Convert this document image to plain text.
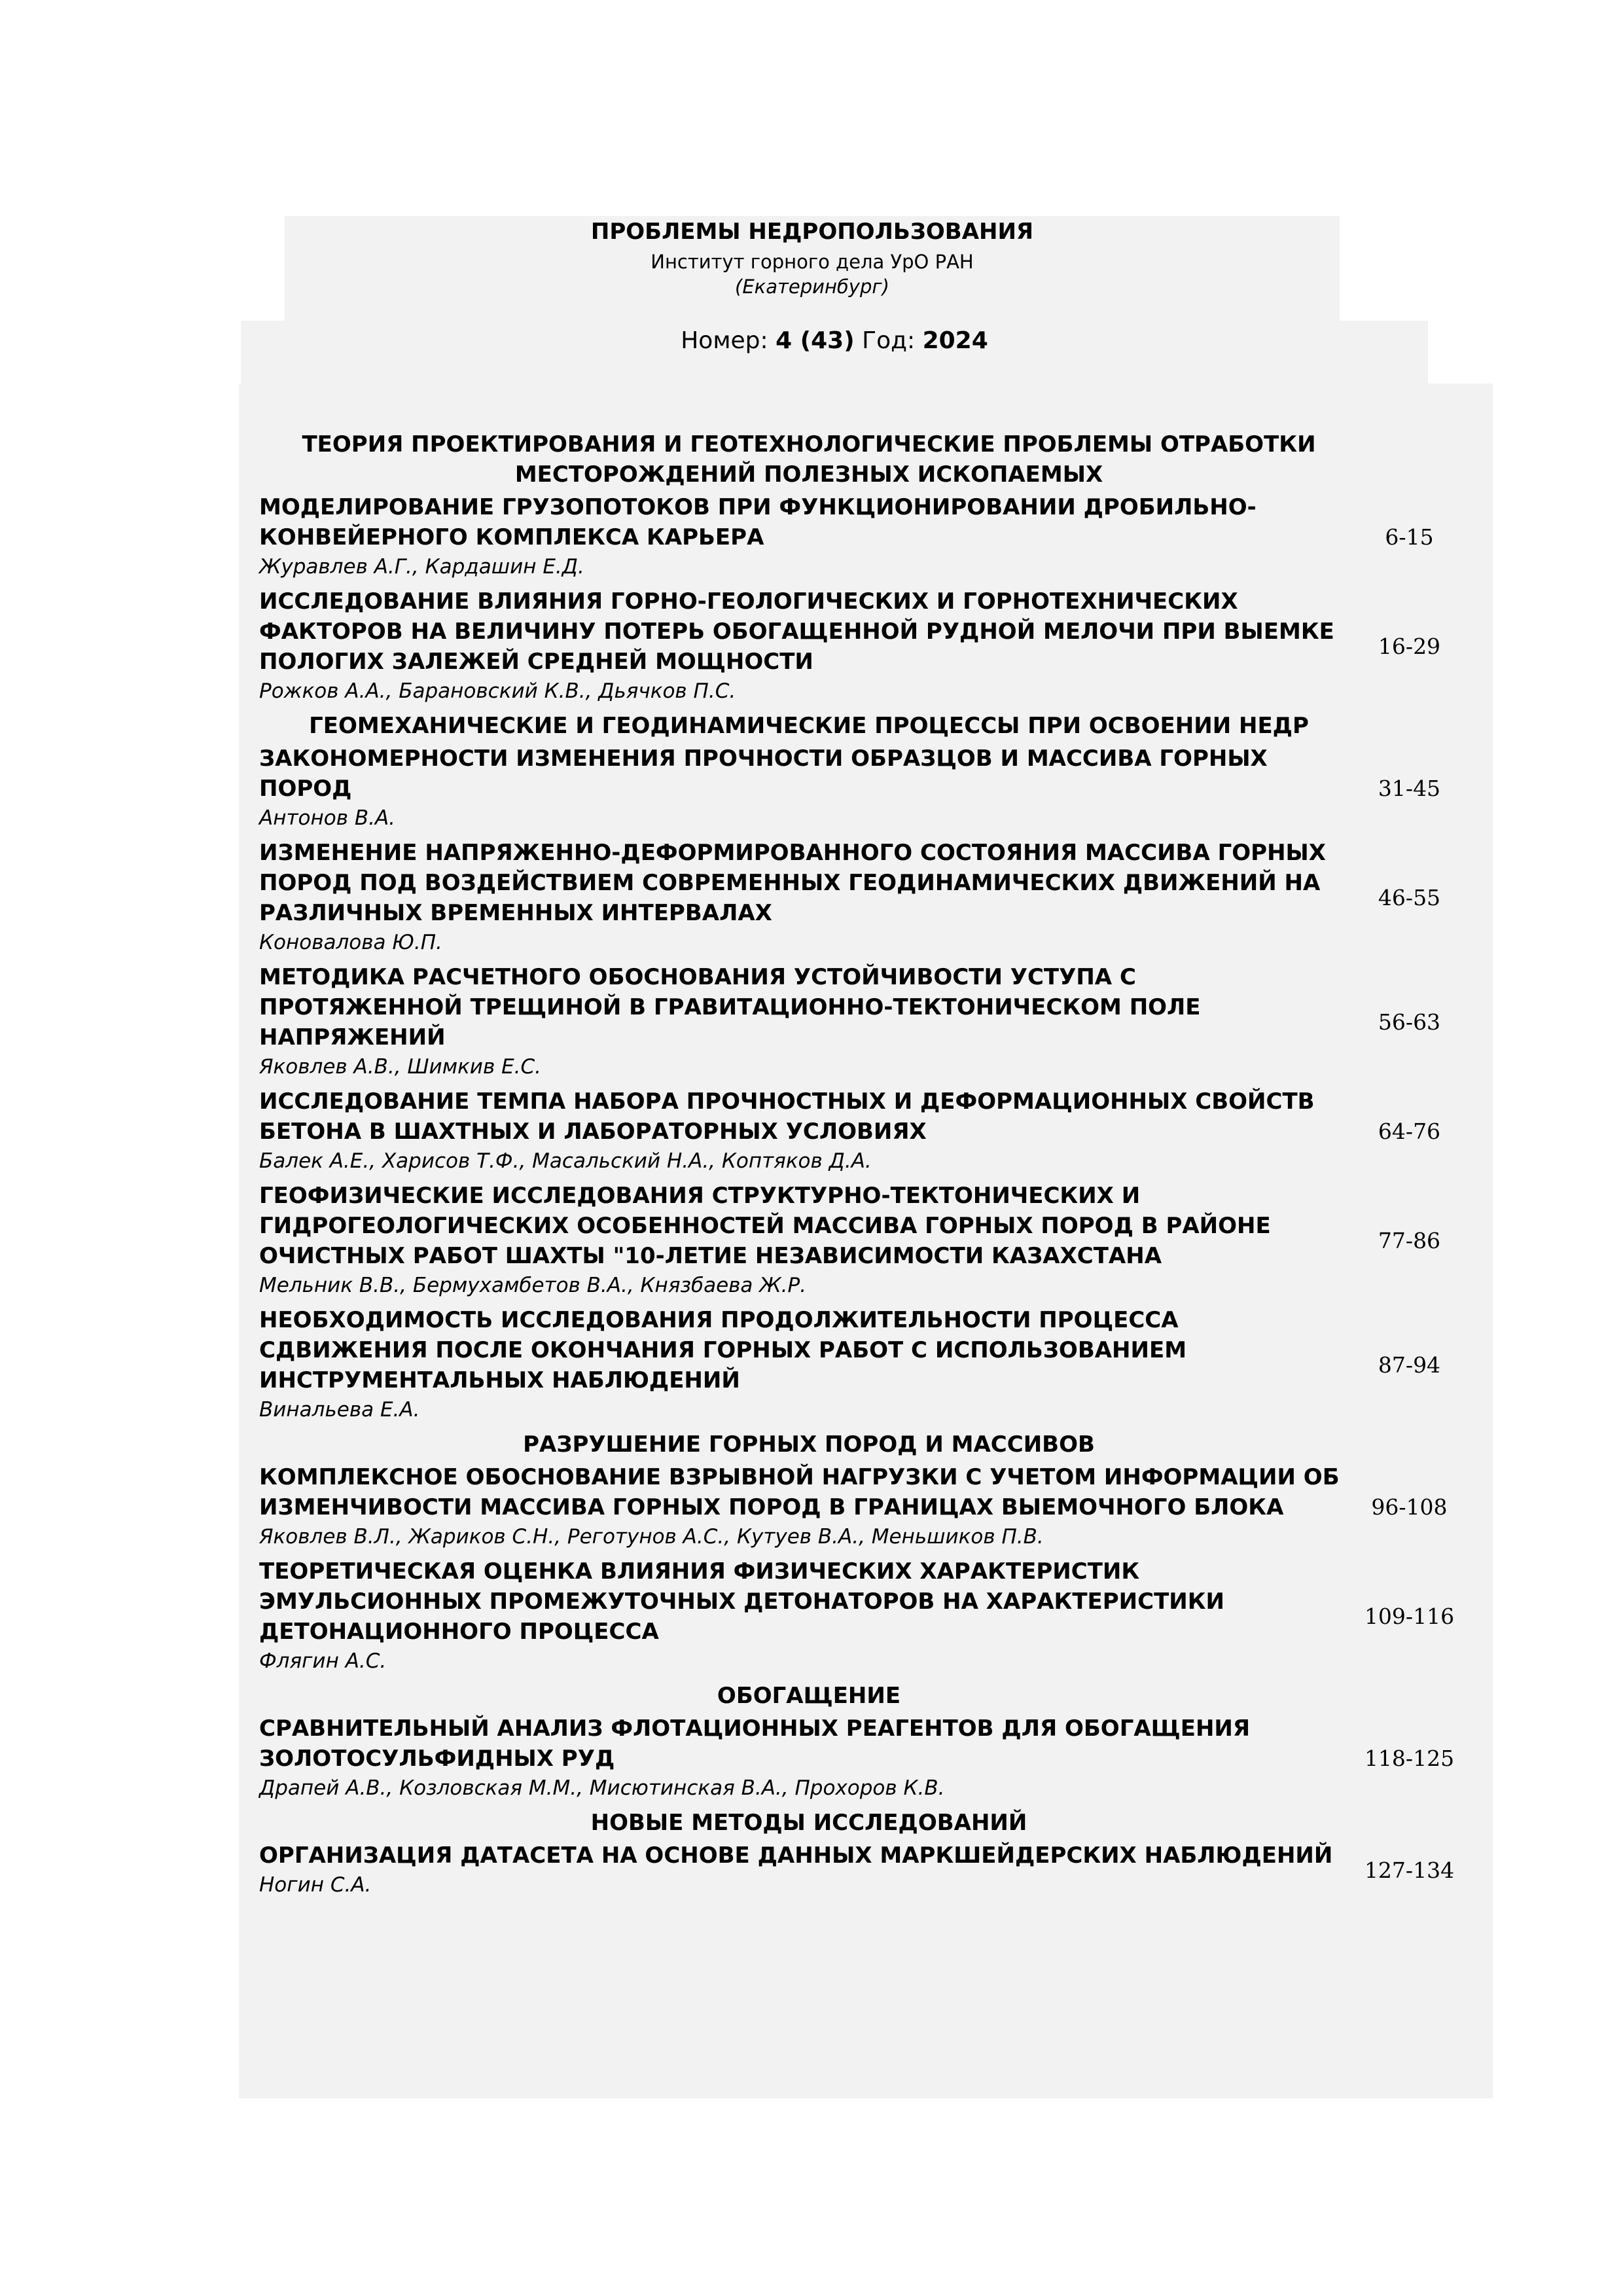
ПРОБЛЕМЫ НЕДРОПОЛЬЗОВАНИЯ
Институт горного дела УрО РАН
(Екатеринбург)
Номер: 4 (43) Год: 2024
ТЕОРИЯ ПРОЕКТИРОВАНИЯ И ГЕОТЕХНОЛОГИЧЕСКИЕ ПРОБЛЕМЫ ОТРАБОТКИ
МЕСТОРОЖДЕНИЙ ПОЛЕЗНЫХ ИСКОПАЕМЫХ
МОДЕЛИРОВАНИЕ ГРУЗОПОТОКОВ ПРИ ФУНКЦИОНИРОВАНИИ ДРОБИЛЬНО-
КОНВЕЙЕРНОГО КОМПЛЕКСА КАРЬЕРА
Журавлев А.Г., Кардашин Е.Д.
6-15
ИССЛЕДОВАНИЕ ВЛИЯНИЯ ГОРНО-ГЕОЛОГИЧЕСКИХ И ГОРНОТЕХНИЧЕСКИХ
ФАКТОРОВ НА ВЕЛИЧИНУ ПОТЕРЬ ОБОГАЩЕННОЙ РУДНОЙ МЕЛОЧИ ПРИ ВЫЕМКЕ
ПОЛОГИХ ЗАЛЕЖЕЙ СРЕДНЕЙ МОЩНОСТИ
Рожков А.А., Барановский К.В., Дьячков П.С.
16-29
ГЕОМЕХАНИЧЕСКИЕ И ГЕОДИНАМИЧЕСКИЕ ПРОЦЕССЫ ПРИ ОСВОЕНИИ НЕДР
ЗАКОНОМЕРНОСТИ ИЗМЕНЕНИЯ ПРОЧНОСТИ ОБРАЗЦОВ И МАССИВА ГОРНЫХ
ПОРОД
Антонов В.А.
31-45
ИЗМЕНЕНИЕ НАПРЯЖЕННО-ДЕФОРМИРОВАННОГО СОСТОЯНИЯ МАССИВА ГОРНЫХ
ПОРОД ПОД ВОЗДЕЙСТВИЕМ СОВРЕМЕННЫХ ГЕОДИНАМИЧЕСКИХ ДВИЖЕНИЙ НА
РАЗЛИЧНЫХ ВРЕМЕННЫХ ИНТЕРВАЛАХ
Коновалова Ю.П.
46-55
МЕТОДИКА РАСЧЕТНОГО ОБОСНОВАНИЯ УСТОЙЧИВОСТИ УСТУПА С
ПРОТЯЖЕННОЙ ТРЕЩИНОЙ В ГРАВИТАЦИОННО-ТЕКТОНИЧЕСКОМ ПОЛЕ
НАПРЯЖЕНИЙ
Яковлев А.В., Шимкив Е.С.
56-63
ИССЛЕДОВАНИЕ ТЕМПА НАБОРА ПРОЧНОСТНЫХ И ДЕФОРМАЦИОННЫХ СВОЙСТВ
БЕТОНА В ШАХТНЫХ И ЛАБОРАТОРНЫХ УСЛОВИЯХ
Балек А.Е., Харисов Т.Ф., Масальский Н.А., Коптяков Д.А.
64-76
ГЕОФИЗИЧЕСКИЕ ИССЛЕДОВАНИЯ СТРУКТУРНО-ТЕКТОНИЧЕСКИХ И
ГИДРОГЕОЛОГИЧЕСКИХ ОСОБЕННОСТЕЙ МАССИВА ГОРНЫХ ПОРОД В РАЙОНЕ
ОЧИСТНЫХ РАБОТ ШАХТЫ "10-ЛЕТИЕ НЕЗАВИСИМОСТИ КАЗАХСТАНА
Мельник В.В., Бермухамбетов В.А., Князбаева Ж.Р.
77-86
НЕОБХОДИМОСТЬ ИССЛЕДОВАНИЯ ПРОДОЛЖИТЕЛЬНОСТИ ПРОЦЕССА
СДВИЖЕНИЯ ПОСЛЕ ОКОНЧАНИЯ ГОРНЫХ РАБОТ С ИСПОЛЬЗОВАНИЕМ
ИНСТРУМЕНТАЛЬНЫХ НАБЛЮДЕНИЙ
Винальева Е.А.
87-94
РАЗРУШЕНИЕ ГОРНЫХ ПОРОД И МАССИВОВ
КОМПЛЕКСНОЕ ОБОСНОВАНИЕ ВЗРЫВНОЙ НАГРУЗКИ С УЧЕТОМ ИНФОРМАЦИИ ОБ
ИЗМЕНЧИВОСТИ МАССИВА ГОРНЫХ ПОРОД В ГРАНИЦАХ ВЫЕМОЧНОГО БЛОКА
Яковлев В.Л., Жариков С.Н., Реготунов А.С., Кутуев В.А., Меньшиков П.В.
96-108
ТЕОРЕТИЧЕСКАЯ ОЦЕНКА ВЛИЯНИЯ ФИЗИЧЕСКИХ ХАРАКТЕРИСТИК
ЭМУЛЬСИОННЫХ ПРОМЕЖУТОЧНЫХ ДЕТОНАТОРОВ НА ХАРАКТЕРИСТИКИ
ДЕТОНАЦИОННОГО ПРОЦЕССА
Флягин А.С.
109-116
ОБОГАЩЕНИЕ
СРАВНИТЕЛЬНЫЙ АНАЛИЗ ФЛОТАЦИОННЫХ РЕАГЕНТОВ ДЛЯ ОБОГАЩЕНИЯ
ЗОЛОТОСУЛЬФИДНЫХ РУД
Драпей А.В., Козловская М.М., Мисютинская В.А., Прохоров К.В.
118-125
НОВЫЕ МЕТОДЫ ИССЛЕДОВАНИЙ
ОРГАНИЗАЦИЯ ДАТАСЕТА НА ОСНОВЕ ДАННЫХ МАРКШЕЙДЕРСКИХ НАБЛЮДЕНИЙ
Ногин С.А.
127-134
